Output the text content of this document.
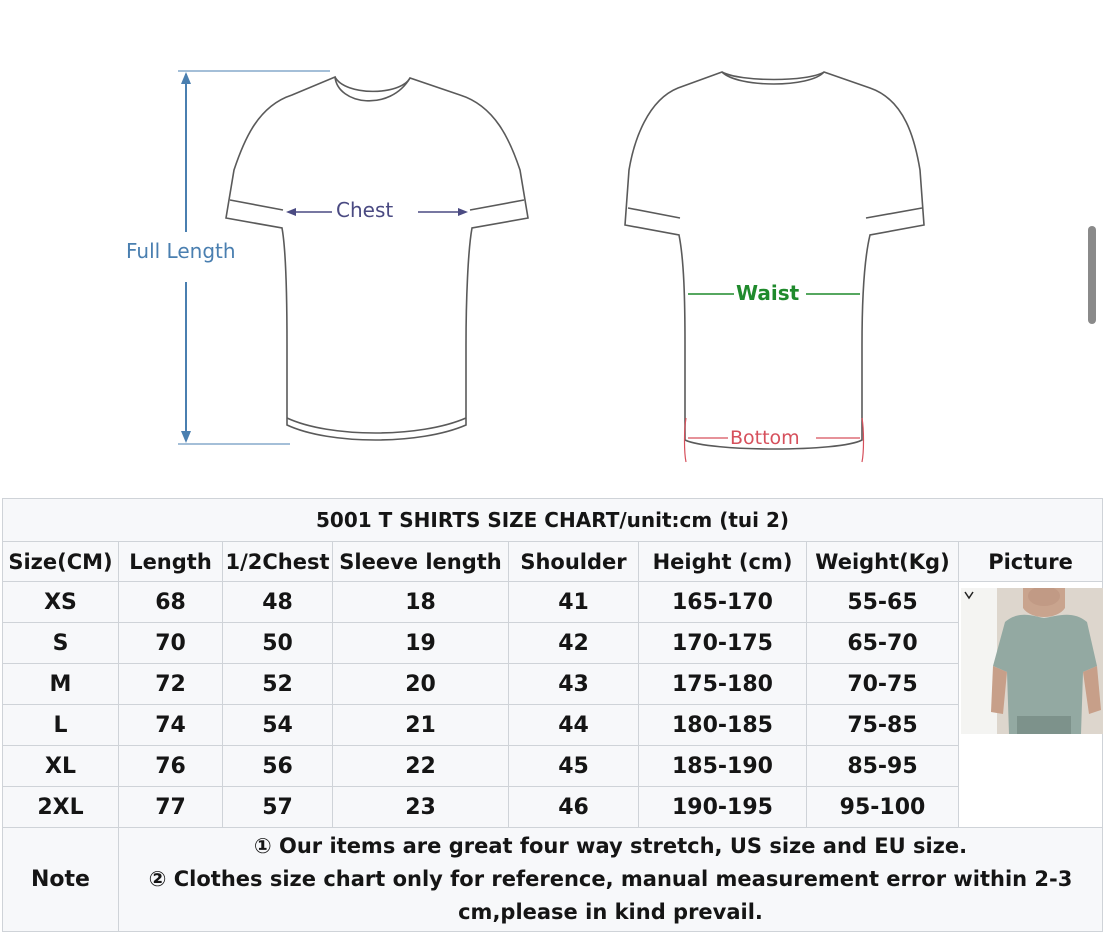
Full Length
Chest
Waist
Bottom
5001 T SHIRTS SIZE CHART/unit:cm (tui 2)							
Size(CM)	Length	1/2Chest	Sleeve length	Shoulder	Height (cm)	Weight(Kg)	Picture
XS	68	48	18	41	165-170	55-65	

S	70	50	19	42	170-175	65-70	
M	72	52	20	43	175-180	70-75	
L	74	54	21	44	180-185	75-85	
XL	76	56	22	45	185-190	85-95	
2XL	77	57	23	46	190-195	95-100	
Note	① Our items are great four way stretch, US size and EU size.
② Clothes size chart only for reference, manual measurement error within 2-3
cm,please in kind prevail.						
